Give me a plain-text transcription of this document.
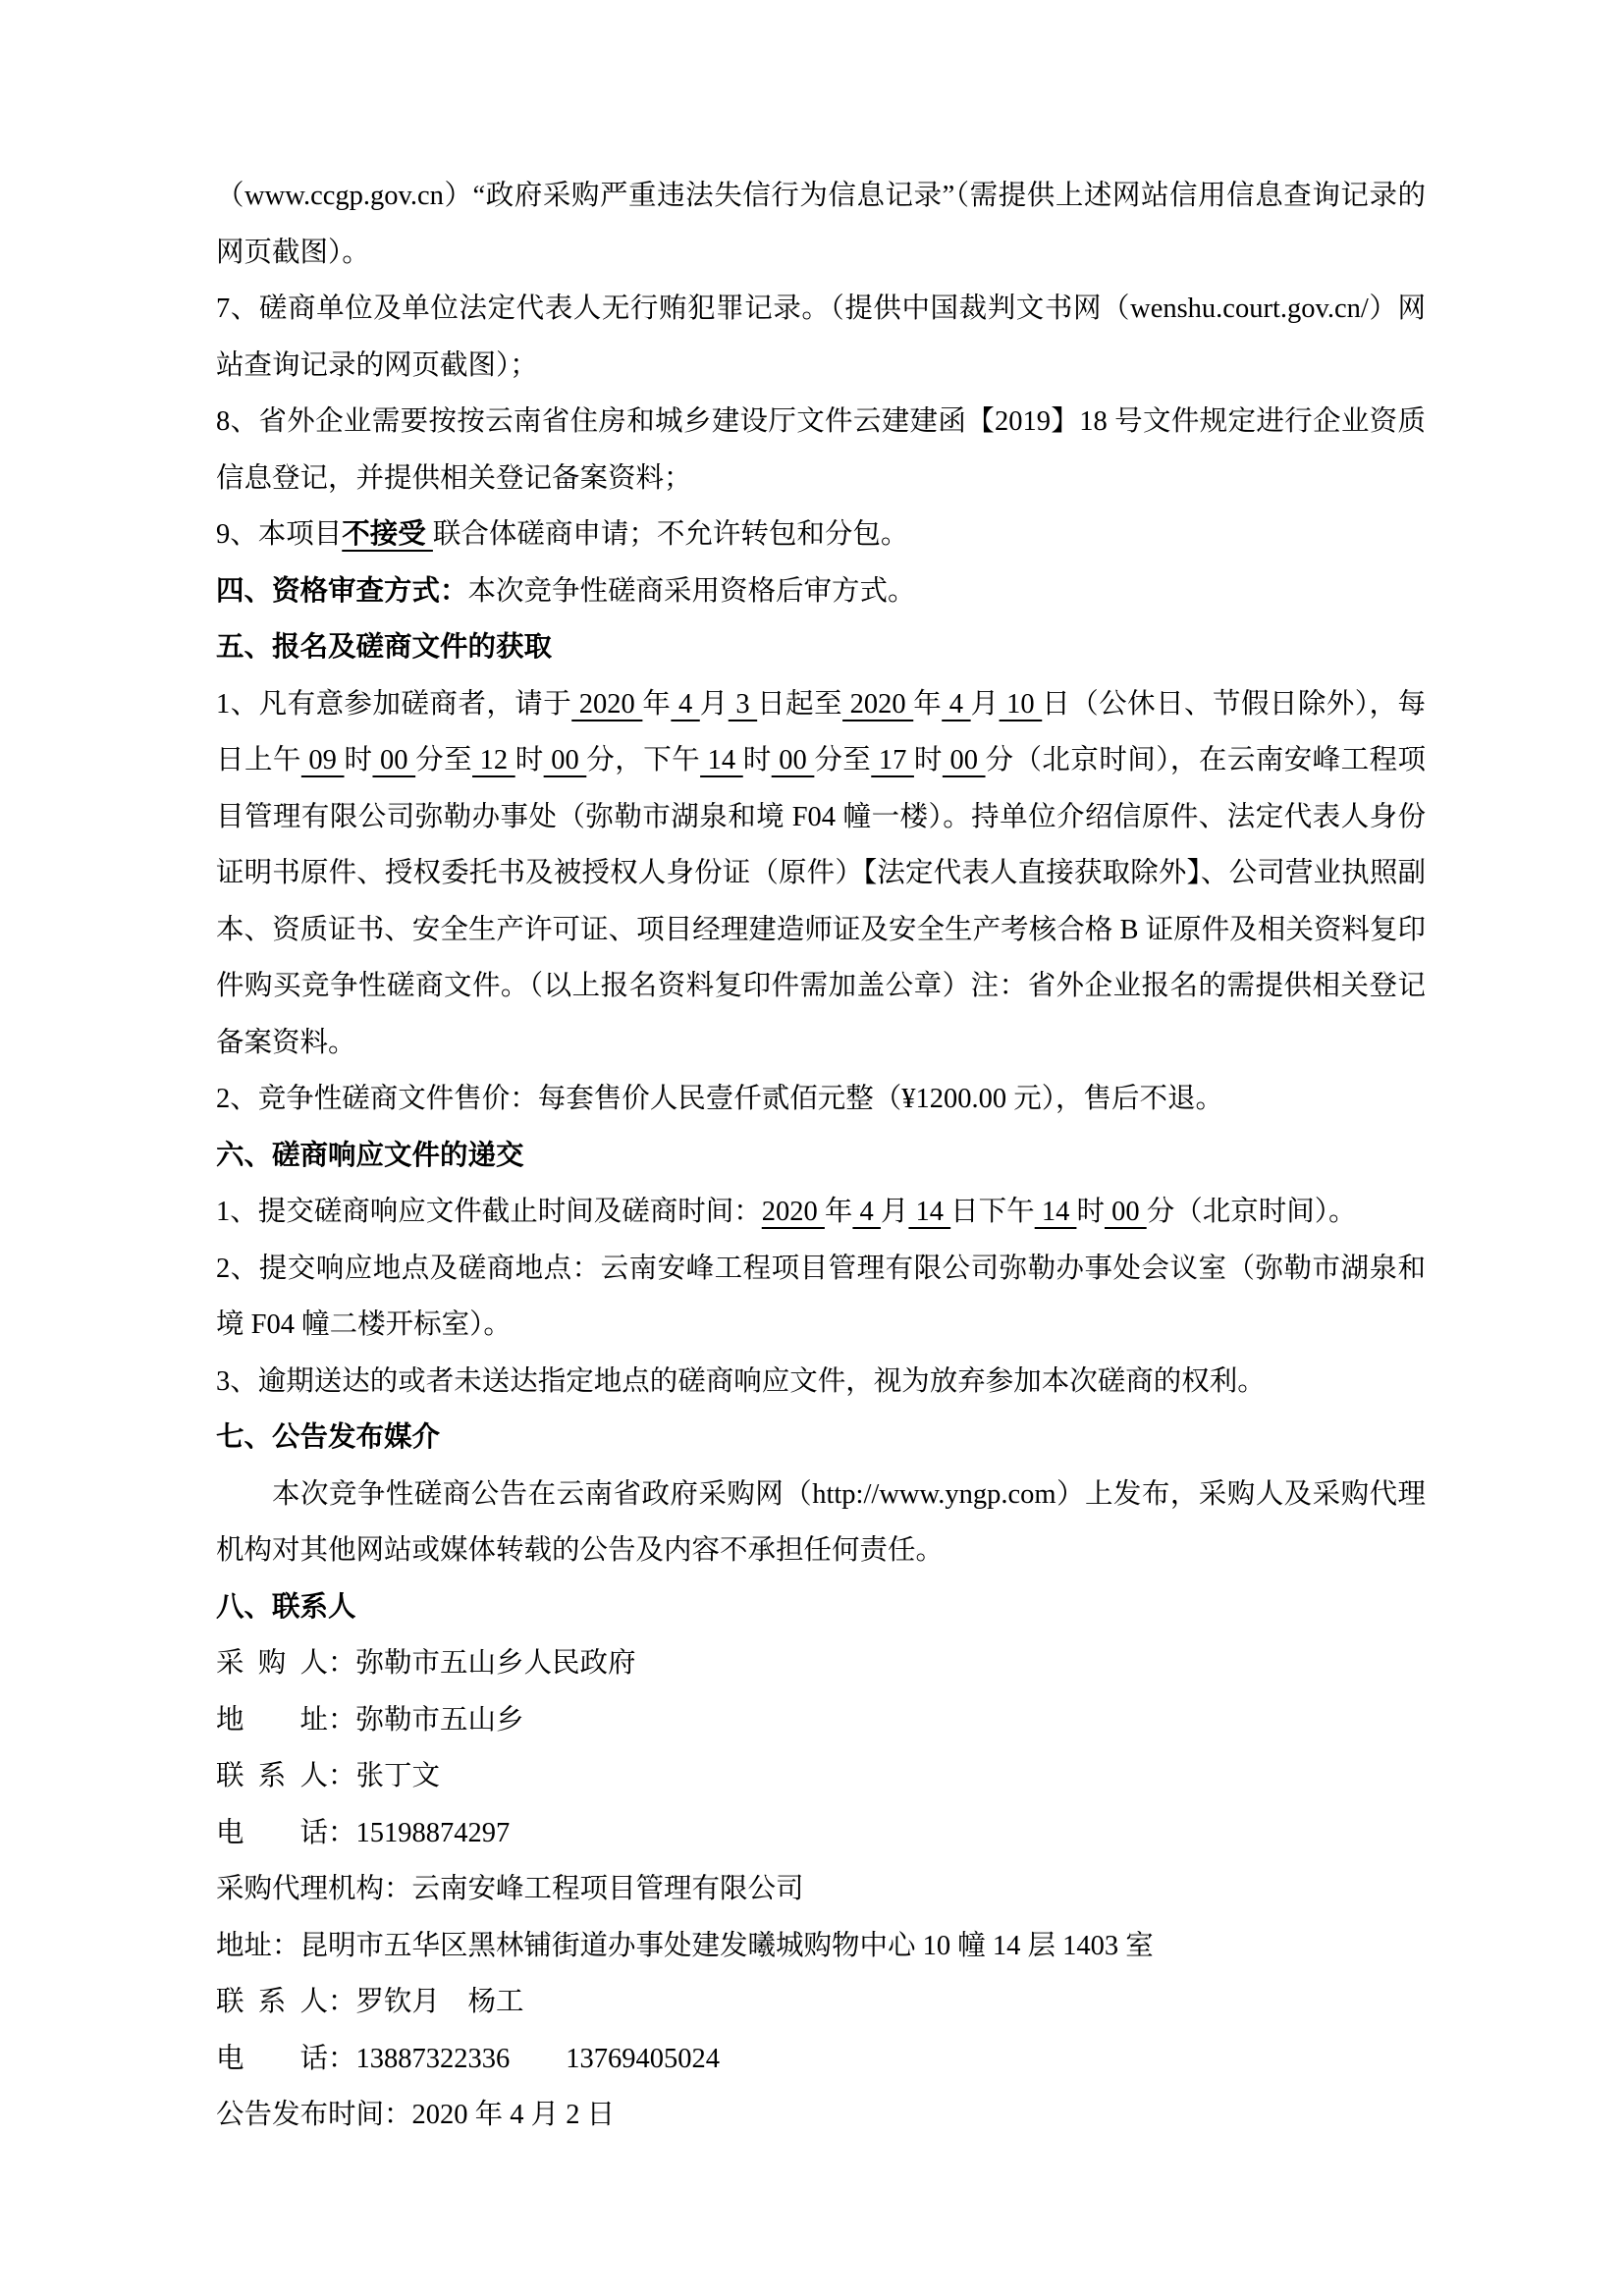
（www.ccgp.gov.cn）“政府采购严重违法失信行为信息记录”（需提供上述网站信用信息查询记录的网页截图）。

7、磋商单位及单位法定代表人无行贿犯罪记录。（提供中国裁判文书网（wenshu.court.gov.cn/）网站查询记录的网页截图）；

8、省外企业需要按按云南省住房和城乡建设厅文件云建建函【2019】18 号文件规定进行企业资质信息登记，并提供相关登记备案资料；

9、本项目不接受 联合体磋商申请；不允许转包和分包。

四、资格审查方式：本次竞争性磋商采用资格后审方式。

五、报名及磋商文件的获取

1、凡有意参加磋商者，请于 2020 年 4 月 3 日起至 2020 年 4 月 10 日（公休日、节假日除外），每日上午 09 时 00 分至 12 时 00 分，下午 14 时 00 分至 17 时 00 分（北京时间），在云南安峰工程项目管理有限公司弥勒办事处（弥勒市湖泉和境 F04 幢一楼）。持单位介绍信原件、法定代表人身份证明书原件、授权委托书及被授权人身份证（原件）【法定代表人直接获取除外】、公司营业执照副本、资质证书、安全生产许可证、项目经理建造师证及安全生产考核合格 B 证原件及相关资料复印件购买竞争性磋商文件。（以上报名资料复印件需加盖公章）注：省外企业报名的需提供相关登记备案资料。

2、竞争性磋商文件售价：每套售价人民壹仟贰佰元整（¥1200.00 元），售后不退。

六、磋商响应文件的递交

1、提交磋商响应文件截止时间及磋商时间：2020 年 4 月 14 日下午 14 时 00 分（北京时间）。

2、提交响应地点及磋商地点：云南安峰工程项目管理有限公司弥勒办事处会议室（弥勒市湖泉和境 F04 幢二楼开标室）。

3、逾期送达的或者未送达指定地点的磋商响应文件，视为放弃参加本次磋商的权利。

七、公告发布媒介

本次竞争性磋商公告在云南省政府采购网（http://www.yngp.com）上发布，采购人及采购代理机构对其他网站或媒体转载的公告及内容不承担任何责任。

八、联系人

采 购 人：弥勒市五山乡人民政府

地　　址：弥勒市五山乡

联 系 人：张丁文

电　　话：15198874297

采购代理机构：云南安峰工程项目管理有限公司

地址：昆明市五华区黑林铺街道办事处建发曦城购物中心 10 幢 14 层 1403 室

联 系 人：罗钦月　杨工

电　　话：13887322336　　13769405024

公告发布时间：2020 年 4 月 2 日
